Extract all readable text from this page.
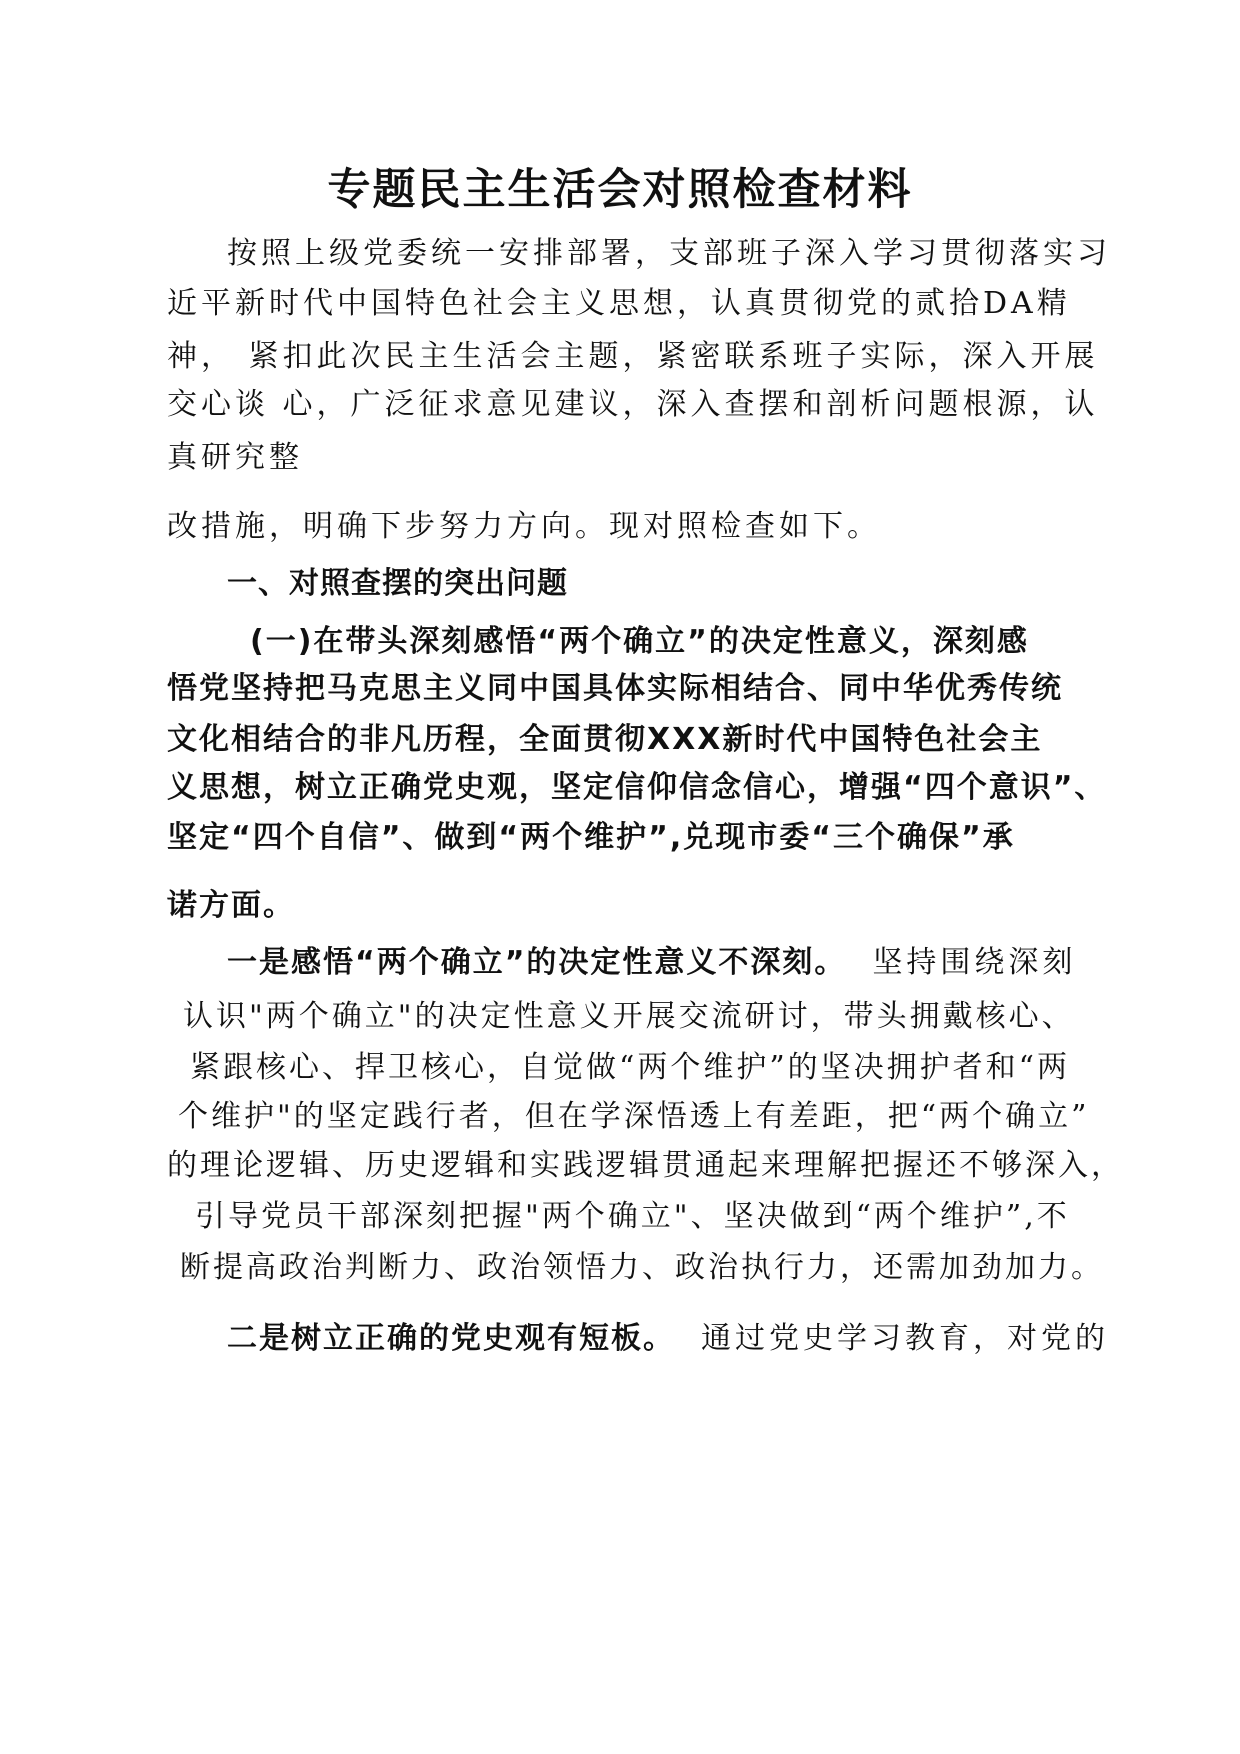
专题民主生活会对照检查材料
按照上级党委统一安排部署，支部班子深入学习贯彻落实习
近平新时代中国特色社会主义思想，认真贯彻党的贰拾DA精
神， 紧扣此次民主生活会主题，紧密联系班子实际，深入开展
交心谈 心，广泛征求意见建议，深入查摆和剖析问题根源，认
真研究整
改措施，明确下步努力方向。现对照检查如下。
一、对照查摆的突出问题
(一)在带头深刻感悟“两个确立”的决定性意义，深刻感
悟党坚持把马克思主义同中国具体实际相结合、同中华优秀传统
文化相结合的非凡历程，全面贯彻XXX新时代中国特色社会主
义思想，树立正确党史观，坚定信仰信念信心，增强“四个意识”、
坚定“四个自信”、做到“两个维护”,兑现市委“三个确保”承
诺方面。
一是感悟“两个确立”的决定性意义不深刻。 坚持围绕深刻
认识"两个确立"的决定性意义开展交流研讨，带头拥戴核心、
紧跟核心、捍卫核心，自觉做“两个维护”的坚决拥护者和“两
个维护"的坚定践行者，但在学深悟透上有差距，把“两个确立”
的理论逻辑、历史逻辑和实践逻辑贯通起来理解把握还不够深入，
引导党员干部深刻把握"两个确立"、坚决做到“两个维护”,不
断提高政治判断力、政治领悟力、政治执行力，还需加劲加力。
二是树立正确的党史观有短板。 通过党史学习教育，对党的
